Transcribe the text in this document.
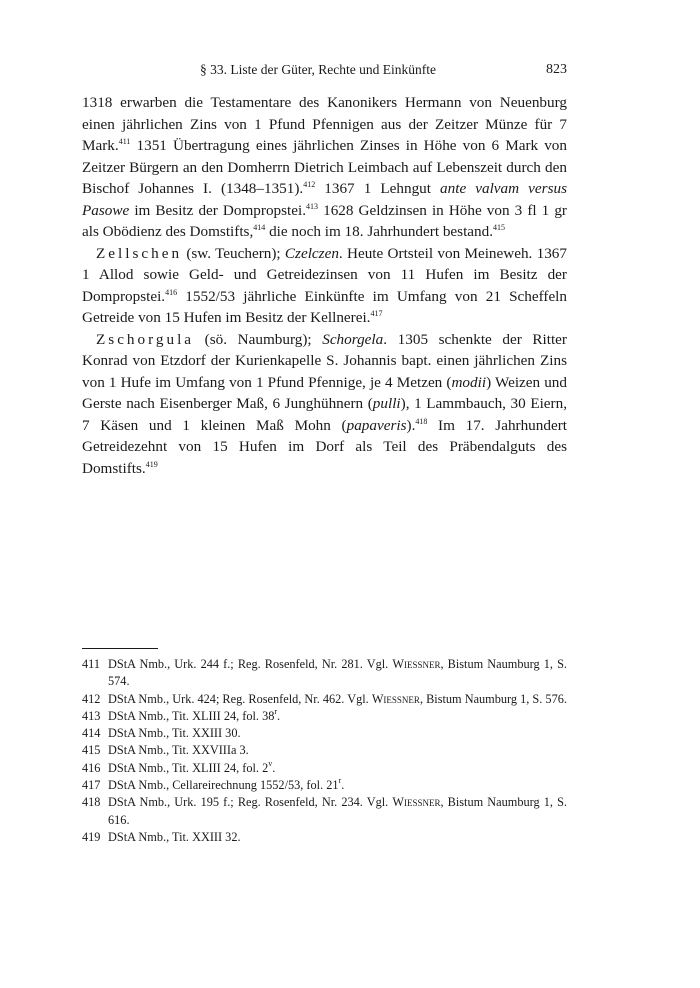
§ 33. Liste der Güter, Rechte und Einkünfte	823

1318 erwarben die Testamentare des Kanonikers Hermann von Neuenburg einen jährlichen Zins von 1 Pfund Pfennigen aus der Zeitzer Münze für 7 Mark.$^{411}$ 1351 Übertragung eines jährlichen Zinses in Höhe von 6 Mark von Zeitzer Bürgern an den Domherrn Dietrich Leimbach auf Lebenszeit durch den Bischof Johannes I. (1348–1351).$^{412}$ 1367 1 Lehngut ante valvam versus Pasowe im Besitz der Dompropstei.$^{413}$ 1628 Geldzinsen in Höhe von 3 fl 1 gr als Obödienz des Domstifts,$^{414}$ die noch im 18. Jahrhundert bestand.$^{415}$

Zellschen (sw. Teuchern); Czelczen. Heute Ortsteil von Meineweh. 1367 1 Allod sowie Geld- und Getreidezinsen von 11 Hufen im Besitz der Dompropstei.$^{416}$ 1552/53 jährliche Einkünfte im Umfang von 21 Scheffeln Getreide von 15 Hufen im Besitz der Kellnerei.$^{417}$

Zschorgula (sö. Naumburg); Schorgela. 1305 schenkte der Ritter Konrad von Etzdorf der Kurienkapelle S. Johannis bapt. einen jährlichen Zins von 1 Hufe im Umfang von 1 Pfund Pfennige, je 4 Metzen (modii) Weizen und Gerste nach Eisenberger Maß, 6 Junghühnern (pulli), 1 Lammbauch, 30 Eiern, 7 Käsen und 1 kleinen Maß Mohn (papaveris).$^{418}$ Im 17. Jahrhundert Getreidezehnt von 15 Hufen im Dorf als Teil des Präbendalguts des Domstifts.$^{419}$

411 DStA Nmb., Urk. 244 f.; Reg. Rosenfeld, Nr. 281. Vgl. Wiessner, Bistum Naumburg 1, S. 574.
412 DStA Nmb., Urk. 424; Reg. Rosenfeld, Nr. 462. Vgl. Wiessner, Bistum Naumburg 1, S. 576.
413 DStA Nmb., Tit. XLIII 24, fol. 38$^r$.
414 DStA Nmb., Tit. XXIII 30.
415 DStA Nmb., Tit. XXVIIIa 3.
416 DStA Nmb., Tit. XLIII 24, fol. 2$^v$.
417 DStA Nmb., Cellareirechnung 1552/53, fol. 21$^r$.
418 DStA Nmb., Urk. 195 f.; Reg. Rosenfeld, Nr. 234. Vgl. Wiessner, Bistum Naumburg 1, S. 616.
419 DStA Nmb., Tit. XXIII 32.
